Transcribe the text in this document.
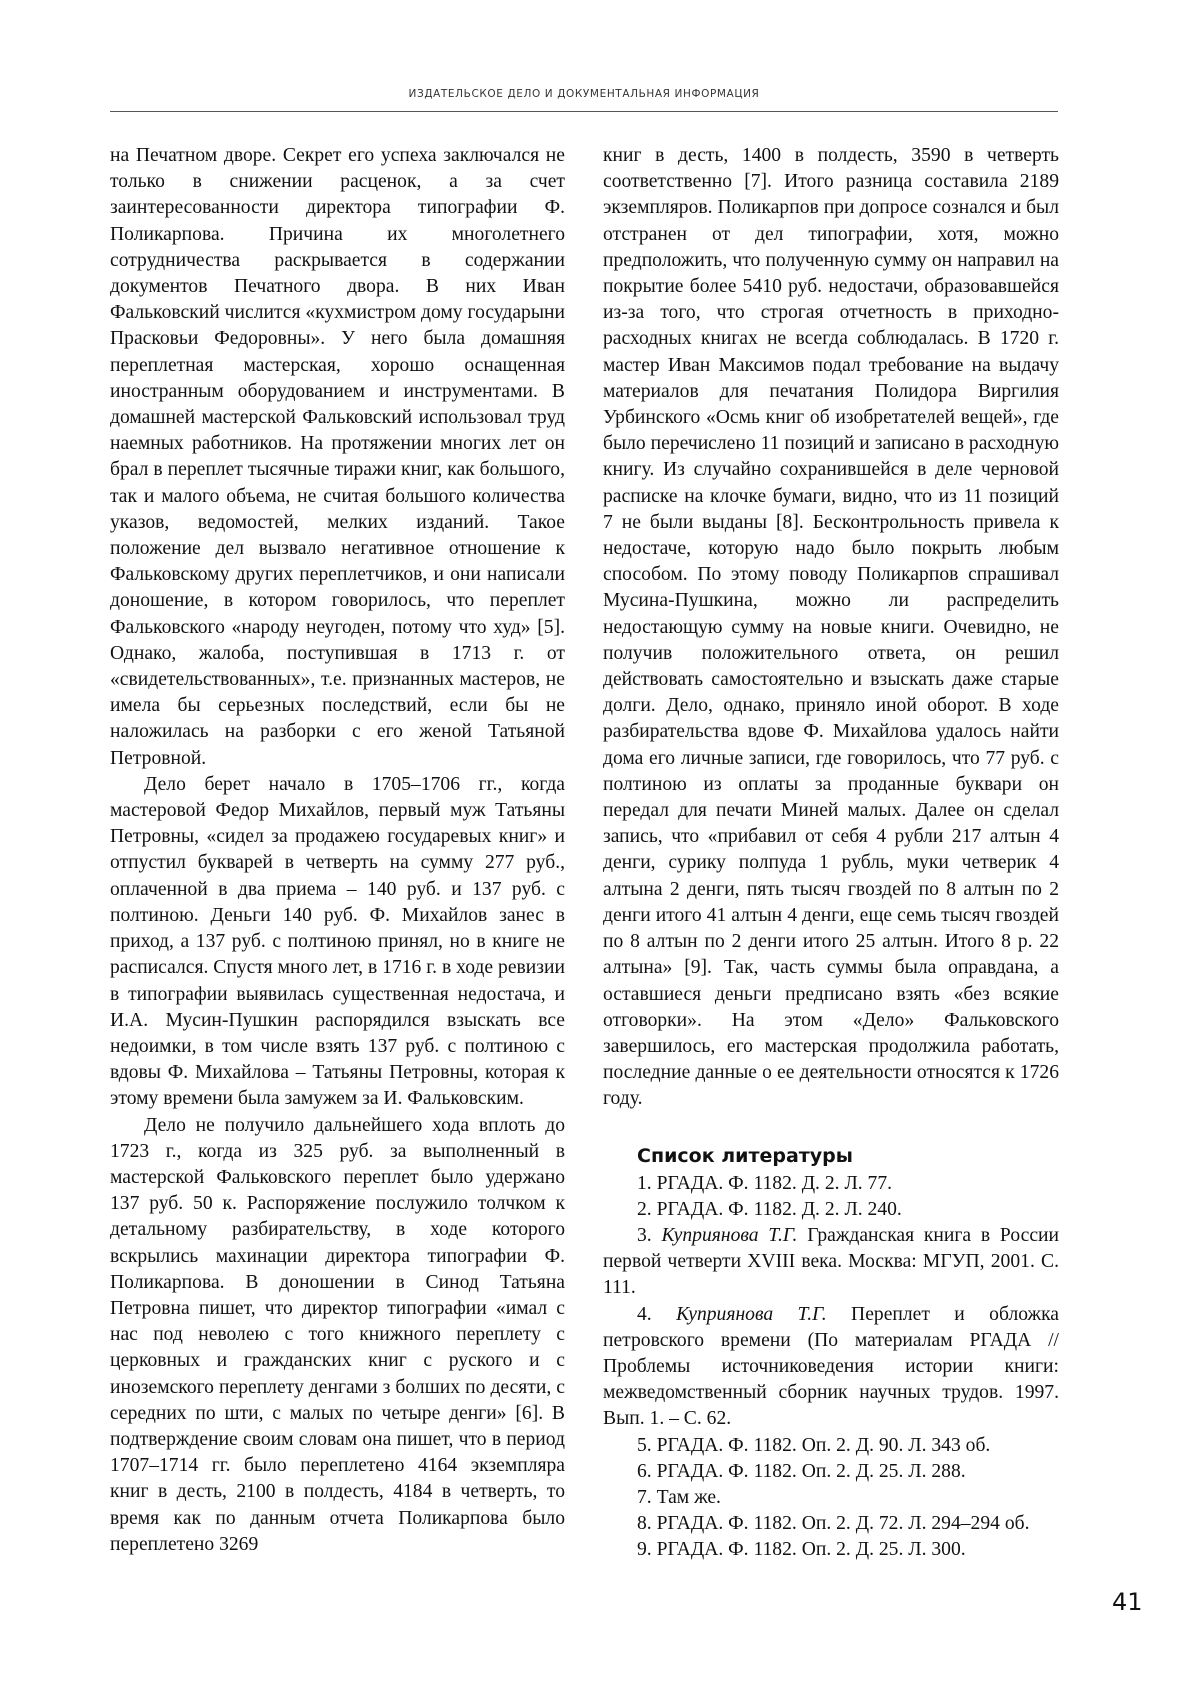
ИЗДАТЕЛЬСКОЕ ДЕЛО И ДОКУМЕНТАЛЬНАЯ ИНФОРМАЦИЯ

на Печатном дворе. Секрет его успеха заключался не только в снижении расценок, а за счет заинтересованности директора типографии Ф. Поликарпова. Причина их многолетнего сотрудничества раскрывается в содержании документов Печатного двора. В них Иван Фальковский числится «кухмистром дому государыни Прасковьи Федоровны». У него была домашняя переплетная мастерская, хорошо оснащенная иностранным оборудованием и инструментами. В домашней мастерской Фальковский использовал труд наемных работников. На протяжении многих лет он брал в переплет тысячные тиражи книг, как большого, так и малого объема, не считая большого количества указов, ведомостей, мелких изданий. Такое положение дел вызвало негативное отношение к Фальковскому других переплетчиков, и они написали доношение, в котором говорилось, что переплет Фальковского «народу неугоден, потому что худ» [5]. Однако, жалоба, поступившая в 1713 г. от «свидетельствованных», т.е. признанных мастеров, не имела бы серьезных последствий, если бы не наложилась на разборки с его женой Татьяной Петровной.

Дело берет начало в 1705–1706 гг., когда мастеровой Федор Михайлов, первый муж Татьяны Петровны, «сидел за продажею государевых книг» и отпустил букварей в четверть на сумму 277 руб., оплаченной в два приема – 140 руб. и 137 руб. с полтиною. Деньги 140 руб. Ф. Михайлов занес в приход, а 137 руб. с полтиною принял, но в книге не расписался. Спустя много лет, в 1716 г. в ходе ревизии в типографии выявилась существенная недостача, и И.А. Мусин-Пушкин распорядился взыскать все недоимки, в том числе взять 137 руб. с полтиною с вдовы Ф. Михайлова – Татьяны Петровны, которая к этому времени была замужем за И. Фальковским.

Дело не получило дальнейшего хода вплоть до 1723 г., когда из 325 руб. за выполненный в мастерской Фальковского переплет было удержано 137 руб. 50 к. Распоряжение послужило толчком к детальному разбирательству, в ходе которого вскрылись махинации директора типографии Ф. Поликарпова. В доношении в Синод Татьяна Петровна пишет, что директор типографии «имал с нас под неволею с того книжного переплету с церковных и гражданских книг с руского и с иноземского переплету денгами з болших по десяти, с середних по шти, с малых по четыре денги» [6]. В подтверждение своим словам она пишет, что в период 1707–1714 гг. было переплетено 4164 экземпляра книг в десть, 2100 в полдесть, 4184 в четверть, то время как по данным отчета Поликарпова было переплетено 3269

книг в десть, 1400 в полдесть, 3590 в четверть соответственно [7]. Итого разница составила 2189 экземпляров. Поликарпов при допросе сознался и был отстранен от дел типографии, хотя, можно предположить, что полученную сумму он направил на покрытие более 5410 руб. недостачи, образовавшейся из-за того, что строгая отчетность в приходно-расходных книгах не всегда соблюдалась. В 1720 г. мастер Иван Максимов подал требование на выдачу материалов для печатания Полидора Виргилия Урбинского «Осмь книг об изобретателей вещей», где было перечислено 11 позиций и записано в расходную книгу. Из случайно сохранившейся в деле черновой расписке на клочке бумаги, видно, что из 11 позиций 7 не были выданы [8]. Бесконтрольность привела к недостаче, которую надо было покрыть любым способом. По этому поводу Поликарпов спрашивал Мусина-Пушкина, можно ли распределить недостающую сумму на новые книги. Очевидно, не получив положительного ответа, он решил действовать самостоятельно и взыскать даже старые долги. Дело, однако, приняло иной оборот. В ходе разбирательства вдове Ф. Михайлова удалось найти дома его личные записи, где говорилось, что 77 руб. с полтиною из оплаты за проданные буквари он передал для печати Миней малых. Далее он сделал запись, что «прибавил от себя 4 рубли 217 алтын 4 денги, сурику полпуда 1 рубль, муки четверик 4 алтына 2 денги, пять тысяч гвоздей по 8 алтын по 2 денги итого 41 алтын 4 денги, еще семь тысяч гвоздей по 8 алтын по 2 денги итого 25 алтын. Итого 8 р. 22 алтына» [9]. Так, часть суммы была оправдана, а оставшиеся деньги предписано взять «без всякие отговорки». На этом «Дело» Фальковского завершилось, его мастерская продолжила работать, последние данные о ее деятельности относятся к 1726 году.

Список литературы

1. РГАДА. Ф. 1182. Д. 2. Л. 77.

2. РГАДА. Ф. 1182. Д. 2. Л. 240.

3. Куприянова Т.Г. Гражданская книга в России первой четверти XVIII века. Москва: МГУП, 2001. С. 111.

4. Куприянова Т.Г. Переплет и обложка петровского времени (По материалам РГАДА // Проблемы источниковедения истории книги: межведомственный сборник научных трудов. 1997. Вып. 1. – С. 62.

5. РГАДА. Ф. 1182. Оп. 2. Д. 90. Л. 343 об.

6. РГАДА. Ф. 1182. Оп. 2. Д. 25. Л. 288.

7. Там же.

8. РГАДА. Ф. 1182. Оп. 2. Д. 72. Л. 294–294 об.

9. РГАДА. Ф. 1182. Оп. 2. Д. 25. Л. 300.

41
